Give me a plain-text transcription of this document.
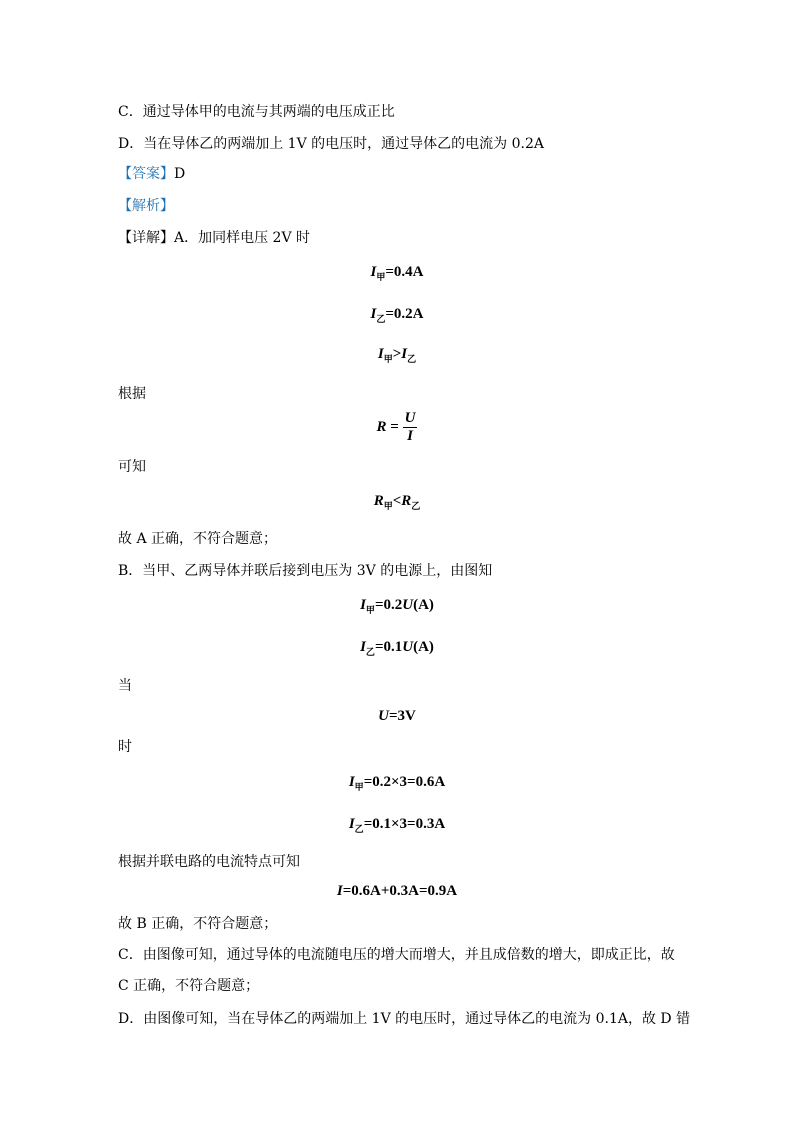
C．通过导体甲的电流与其两端的电压成正比
D．当在导体乙的两端加上 1V 的电压时，通过导体乙的电流为 0.2A
【答案】D
【解析】
【详解】A．加同样电压 2V 时
$I_甲=0.4A$
$I_乙=0.2A$
$I_甲>I_乙$
根据
$R = \frac{U}{I}$
可知
$R_甲<R_乙$
故 A 正确，不符合题意；
B．当甲、乙两导体并联后接到电压为 3V 的电源上，由图知
$I_甲=0.2U(A)$
$I_乙=0.1U(A)$
当
U=3V
时
$I_甲=0.2\times 3=0.6A$
$I_乙=0.1\times 3=0.3A$
根据并联电路的电流特点可知
I=0.6A+0.3A=0.9A
故 B 正确，不符合题意；
C．由图像可知，通过导体的电流随电压的增大而增大，并且成倍数的增大，即成正比，故
C 正确，不符合题意；
D．由图像可知，当在导体乙的两端加上 1V 的电压时，通过导体乙的电流为 0.1A，故 D 错
